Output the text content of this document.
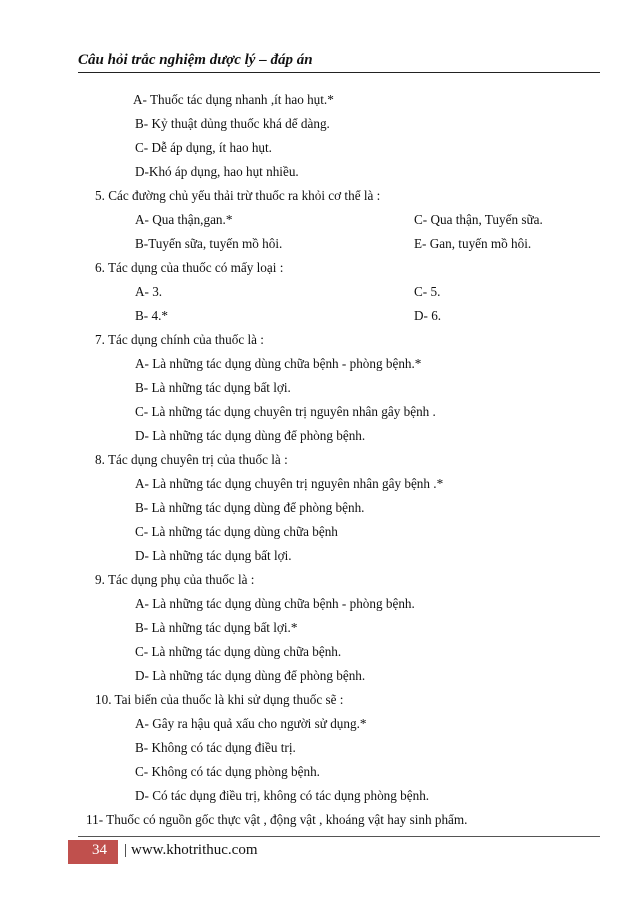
Câu hỏi trắc nghiệm dược lý – đáp án
A- Thuốc tác dụng nhanh ,ít hao hụt.*
B- Kỷ thuật dủng thuốc khá dể dàng.
C- Dễ áp dụng, ít hao hụt.
D-Khó áp dụng, hao hụt nhiều.
5. Các đường chủ yếu thải trừ thuốc ra khỏi cơ thể là :
A- Qua thận,gan.*	C- Qua thận, Tuyến sữa.
B-Tuyến sữa, tuyến mồ hôi.	E- Gan, tuyến mồ hôi.
6. Tác dụng của thuốc có mấy loại :
A- 3.	C- 5.
B- 4.*	D- 6.
7. Tác dụng chính của thuốc là :
A- Là những tác dụng dùng chữa bệnh - phòng bệnh.*
B- Là những tác dụng bất lợi.
C- Là những tác dụng chuyên trị nguyên nhân gây bệnh .
D- Là những tác dụng dùng để phòng bệnh.
8. Tác dụng chuyên trị của thuốc là :
A- Là những tác dụng chuyên trị nguyên nhân gây bệnh .*
B- Là những tác dụng dùng để phòng bệnh.
C- Là những tác dụng dùng chữa bệnh
D- Là những tác dụng bất lợi.
9. Tác dụng phụ của thuốc là :
A- Là những tác dụng dùng chữa bệnh - phòng bệnh.
B- Là những tác dụng bất lợi.*
C- Là những tác dụng dùng chữa bệnh.
D- Là những tác dụng dùng để phòng bệnh.
10. Tai biến của thuốc là khi sử dụng thuốc sẽ :
A- Gây ra hậu quả xấu cho người sử dụng.*
B- Không có tác dụng điều trị.
C- Không có tác dụng phòng bệnh.
D- Có tác dụng điều trị, không có tác dụng phòng bệnh.
11- Thuốc có nguồn gốc thực vật , động vật , khoáng vật hay sinh phẩm.
34 | www.khotrithuc.com
